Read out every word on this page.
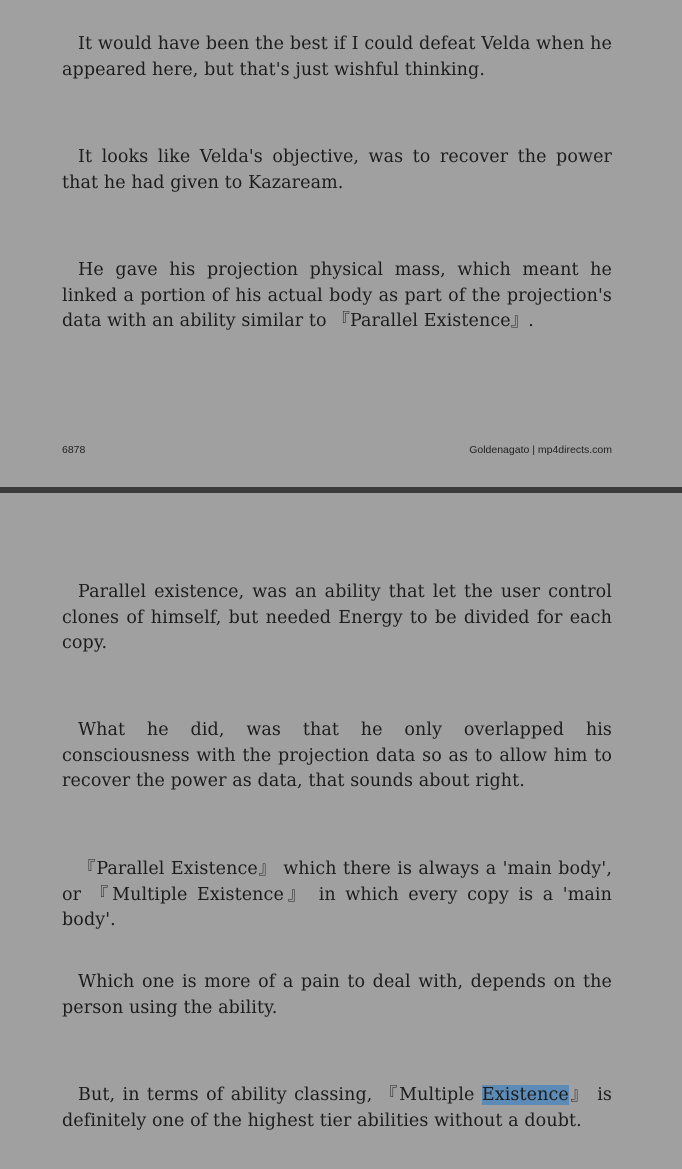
It would have been the best if I could defeat Velda when he appeared here, but that's just wishful thinking.

It looks like Velda's objective, was to recover the power that he had given to Kazaream.

He gave his projection physical mass, which meant he linked a portion of his actual body as part of the projection's data with an ability similar to 『Parallel Existence』.

6878	Goldenagato | mp4directs.com

Parallel existence, was an ability that let the user control clones of himself, but needed Energy to be divided for each copy.

What he did, was that he only overlapped his consciousness with the projection data so as to allow him to recover the power as data, that sounds about right.

『Parallel Existence』 which there is always a 'main body', or 『Multiple Existence』 in which every copy is a 'main body'.

Which one is more of a pain to deal with, depends on the person using the ability.

But, in terms of ability classing, 『Multiple Existence』 is definitely one of the highest tier abilities without a doubt.
